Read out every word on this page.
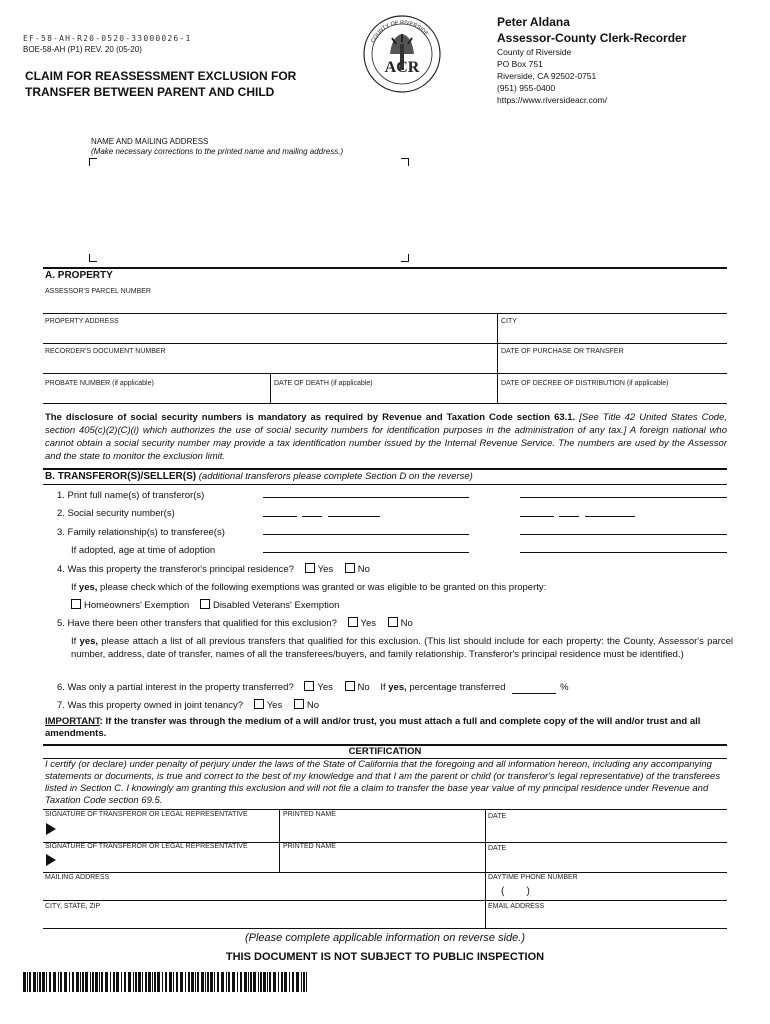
EF-58-AH-R20-0520-33000026-1
BOE-58-AH (P1) REV. 20 (05-20)
CLAIM FOR REASSESSMENT EXCLUSION FOR
TRANSFER BETWEEN PARENT AND CHILD
ACR
COUNTY OF RIVERSIDE
Peter Aldana
Assessor-County Clerk-Recorder
County of Riverside
PO Box 751
Riverside, CA 92502-0751
(951) 955-0400
https://www.riversideacr.com/
NAME AND MAILING ADDRESS
(Make necessary corrections to the printed name and mailing address.)
A. PROPERTY
ASSESSOR'S PARCEL NUMBER
PROPERTY ADDRESS	CITY
RECORDER'S DOCUMENT NUMBER	DATE OF PURCHASE OR TRANSFER
PROBATE NUMBER (if applicable)	DATE OF DEATH (if applicable)	DATE OF DECREE OF DISTRIBUTION (if applicable)
The disclosure of social security numbers is mandatory as required by Revenue and Taxation Code section 63.1. [See Title 42 United States Code, section 405(c)(2)(C)(i) which authorizes the use of social security numbers for identification purposes in the administration of any tax.] A foreign national who cannot obtain a social security number may provide a tax identification number issued by the Internal Revenue Service. The numbers are used by the Assessor and the state to monitor the exclusion limit.
B. TRANSFEROR(S)/SELLER(S) (additional transferors please complete Section D on the reverse)
1. Print full name(s) of transferor(s)
2. Social security number(s)
3. Family relationship(s) to transferee(s)
If adopted, age at time of adoption
4. Was this property the transferor's principal residence? Yes	No
If yes, please check which of the following exemptions was granted or was eligible to be granted on this property:
Homeowners' Exemption Disabled Veterans' Exemption
5. Have there been other transfers that qualified for this exclusion? Yes	No
If yes, please attach a list of all previous transfers that qualified for this exclusion. (This list should include for each property: the County, Assessor's parcel number, address, date of transfer, names of all the transferees/buyers, and family relationship. Transferor's principal residence must be identified.)
6. Was only a partial interest in the property transferred? Yes	No If yes, percentage transferred	%
7. Was this property owned in joint tenancy? Yes	No
IMPORTANT: If the transfer was through the medium of a will and/or trust, you must attach a full and complete copy of the will and/or trust and all amendments.
CERTIFICATION
I certify (or declare) under penalty of perjury under the laws of the State of California that the foregoing and all information hereon, including any accompanying statements or documents, is true and correct to the best of my knowledge and that I am the parent or child (or transferor's legal representative) of the transferees listed in Section C. I knowingly am granting this exclusion and will not file a claim to transfer the base year value of my principal residence under Revenue and Taxation Code section 69.5.
SIGNATURE OF TRANSFEROR OR LEGAL REPRESENTATIVE	PRINTED NAME	DATE
SIGNATURE OF TRANSFEROR OR LEGAL REPRESENTATIVE	PRINTED NAME	DATE
MAILING ADDRESS	DAYTIME PHONE NUMBER
(        )
CITY, STATE, ZIP	EMAIL ADDRESS
(Please complete applicable information on reverse side.)
THIS DOCUMENT IS NOT SUBJECT TO PUBLIC INSPECTION
